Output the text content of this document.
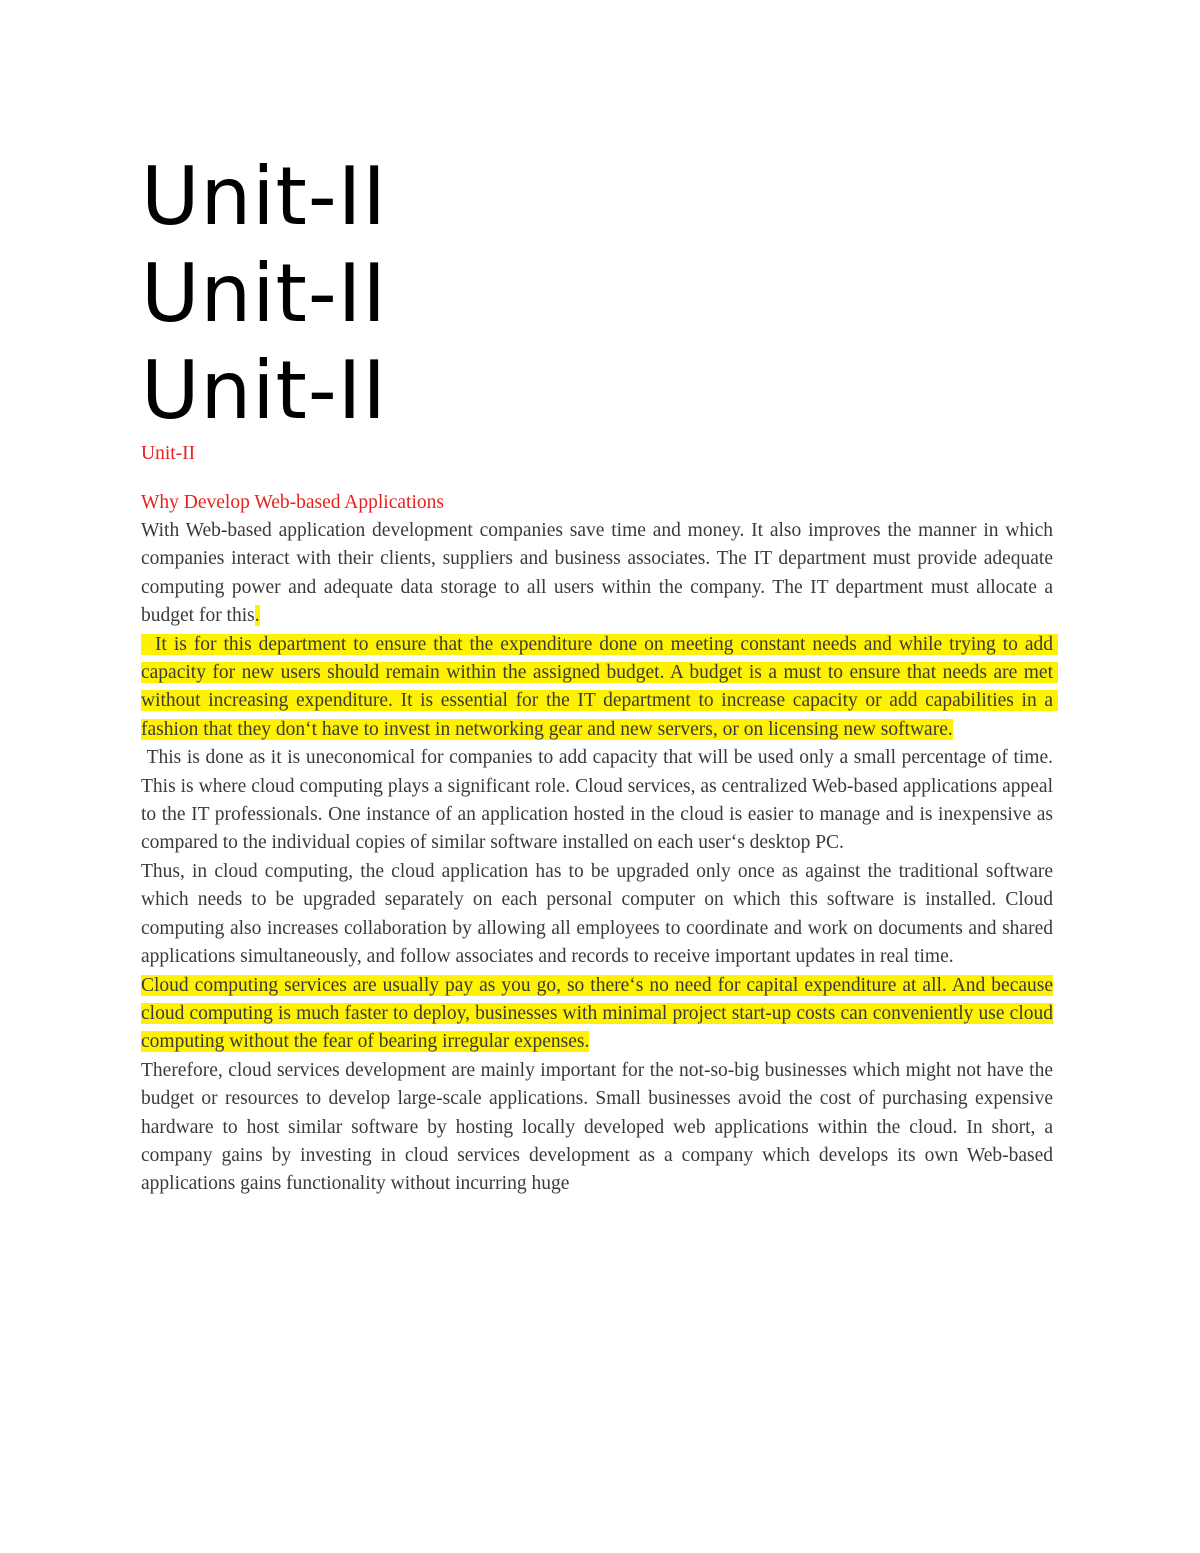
Unit-II
Unit-II
Unit-II
Unit-II
Why Develop Web-based Applications

With Web-based application development companies save time and money. It also improves the manner in which companies interact with their clients, suppliers and business associates. The IT department must provide adequate computing power and adequate data storage to all users within the company. The IT department must allocate a budget for this.

It is for this department to ensure that the expenditure done on meeting constant needs and while trying to add capacity for new users should remain within the assigned budget. A budget is a must to ensure that needs are met without increasing expenditure. It is essential for the IT department to increase capacity or add capabilities in a fashion that they don‘t have to invest in networking gear and new servers, or on licensing new software.

This is done as it is uneconomical for companies to add capacity that will be used only a small percentage of time. This is where cloud computing plays a significant role. Cloud services, as centralized Web-based applications appeal to the IT professionals. One instance of an application hosted in the cloud is easier to manage and is inexpensive as compared to the individual copies of similar software installed on each user‘s desktop PC.

Thus, in cloud computing, the cloud application has to be upgraded only once as against the traditional software which needs to be upgraded separately on each personal computer on which this software is installed. Cloud computing also increases collaboration by allowing all employees to coordinate and work on documents and shared applications simultaneously, and follow associates and records to receive important updates in real time.

Cloud computing services are usually pay as you go, so there‘s no need for capital expenditure at all. And because cloud computing is much faster to deploy, businesses with minimal project start-up costs can conveniently use cloud computing without the fear of bearing irregular expenses.

Therefore, cloud services development are mainly important for the not-so-big businesses which might not have the budget or resources to develop large-scale applications. Small businesses avoid the cost of purchasing expensive hardware to host similar software by hosting locally developed web applications within the cloud. In short, a company gains by investing in cloud services development as a company which develops its own Web-based applications gains functionality without incurring huge
